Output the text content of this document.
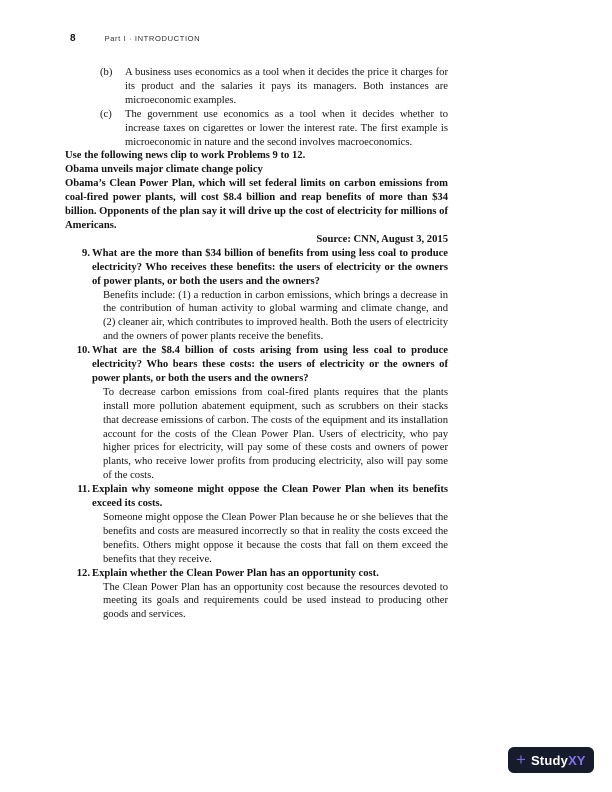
8	Part I · INTRODUCTION

(b) A business uses economics as a tool when it decides the price it charges for its product and the salaries it pays its managers. Both instances are microeconomic examples.

(c) The government use economics as a tool when it decides whether to increase taxes on cigarettes or lower the interest rate. The first example is microeconomic in nature and the second involves macroeconomics.

Use the following news clip to work Problems 9 to 12.

Obama unveils major climate change policy

Obama’s Clean Power Plan, which will set federal limits on carbon emissions from coal-fired power plants, will cost $8.4 billion and reap benefits of more than $34 billion. Opponents of the plan say it will drive up the cost of electricity for millions of Americans.

Source: CNN, August 3, 2015

9. What are the more than $34 billion of benefits from using less coal to produce electricity? Who receives these benefits: the users of electricity or the owners of power plants, or both the users and the owners?

Benefits include: (1) a reduction in carbon emissions, which brings a decrease in the contribution of human activity to global warming and climate change, and (2) cleaner air, which contributes to improved health. Both the users of electricity and the owners of power plants receive the benefits.

10. What are the $8.4 billion of costs arising from using less coal to produce electricity? Who bears these costs: the users of electricity or the owners of power plants, or both the users and the owners?

To decrease carbon emissions from coal-fired plants requires that the plants install more pollution abatement equipment, such as scrubbers on their stacks that decrease emissions of carbon. The costs of the equipment and its installation account for the costs of the Clean Power Plan. Users of electricity, who pay higher prices for electricity, will pay some of these costs and owners of power plants, who receive lower profits from producing electricity, also will pay some of the costs.

11. Explain why someone might oppose the Clean Power Plan when its benefits exceed its costs.

Someone might oppose the Clean Power Plan because he or she believes that the benefits and costs are measured incorrectly so that in reality the costs exceed the benefits. Others might oppose it because the costs that fall on them exceed the benefits that they receive.

12. Explain whether the Clean Power Plan has an opportunity cost.

The Clean Power Plan has an opportunity cost because the resources devoted to meeting its goals and requirements could be used instead to producing other goods and services.

+ Study XY
